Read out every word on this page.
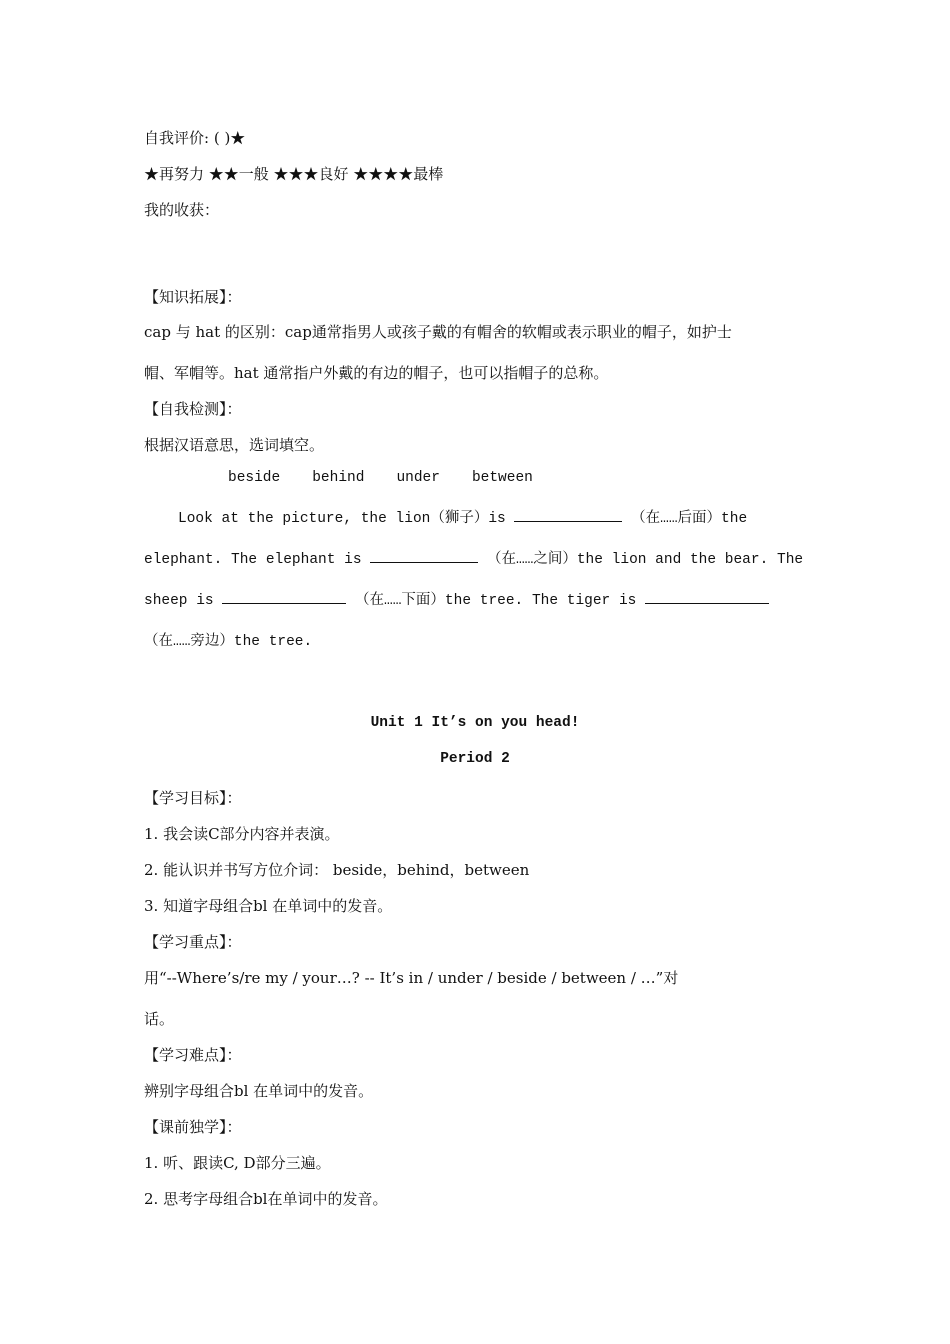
自我评价: ( )★
★再努力 ★★一般 ★★★良好 ★★★★最棒
我的收获：
【知识拓展】：
cap 与 hat 的区别：cap通常指男人或孩子戴的有帽舍的软帽或表示职业的帽子，如护士
帽、军帽等。hat 通常指户外戴的有边的帽子，也可以指帽子的总称。
【自我检测】：
根据汉语意思，选词填空。
beside behind under between
Look at the picture, the lion（狮子）is	（在……后面）the
elephant. The elephant is	（在……之间）the lion and the bear. The
sheep is	（在……下面）the tree. The tiger is
（在……旁边）the tree.
Unit 1 It’s on you head!
Period 2
【学习目标】：
1. 我会读C部分内容并表演。
2. 能认识并书写方位介词： beside，behind，between
3. 知道字母组合bl 在单词中的发音。
【学习重点】：
用“--Where’s/re my / your…? -- It’s in / under / beside / between / …”对
话。
【学习难点】：
辨别字母组合bl 在单词中的发音。
【课前独学】：
1. 听、跟读C, D部分三遍。
2. 思考字母组合bl在单词中的发音。
